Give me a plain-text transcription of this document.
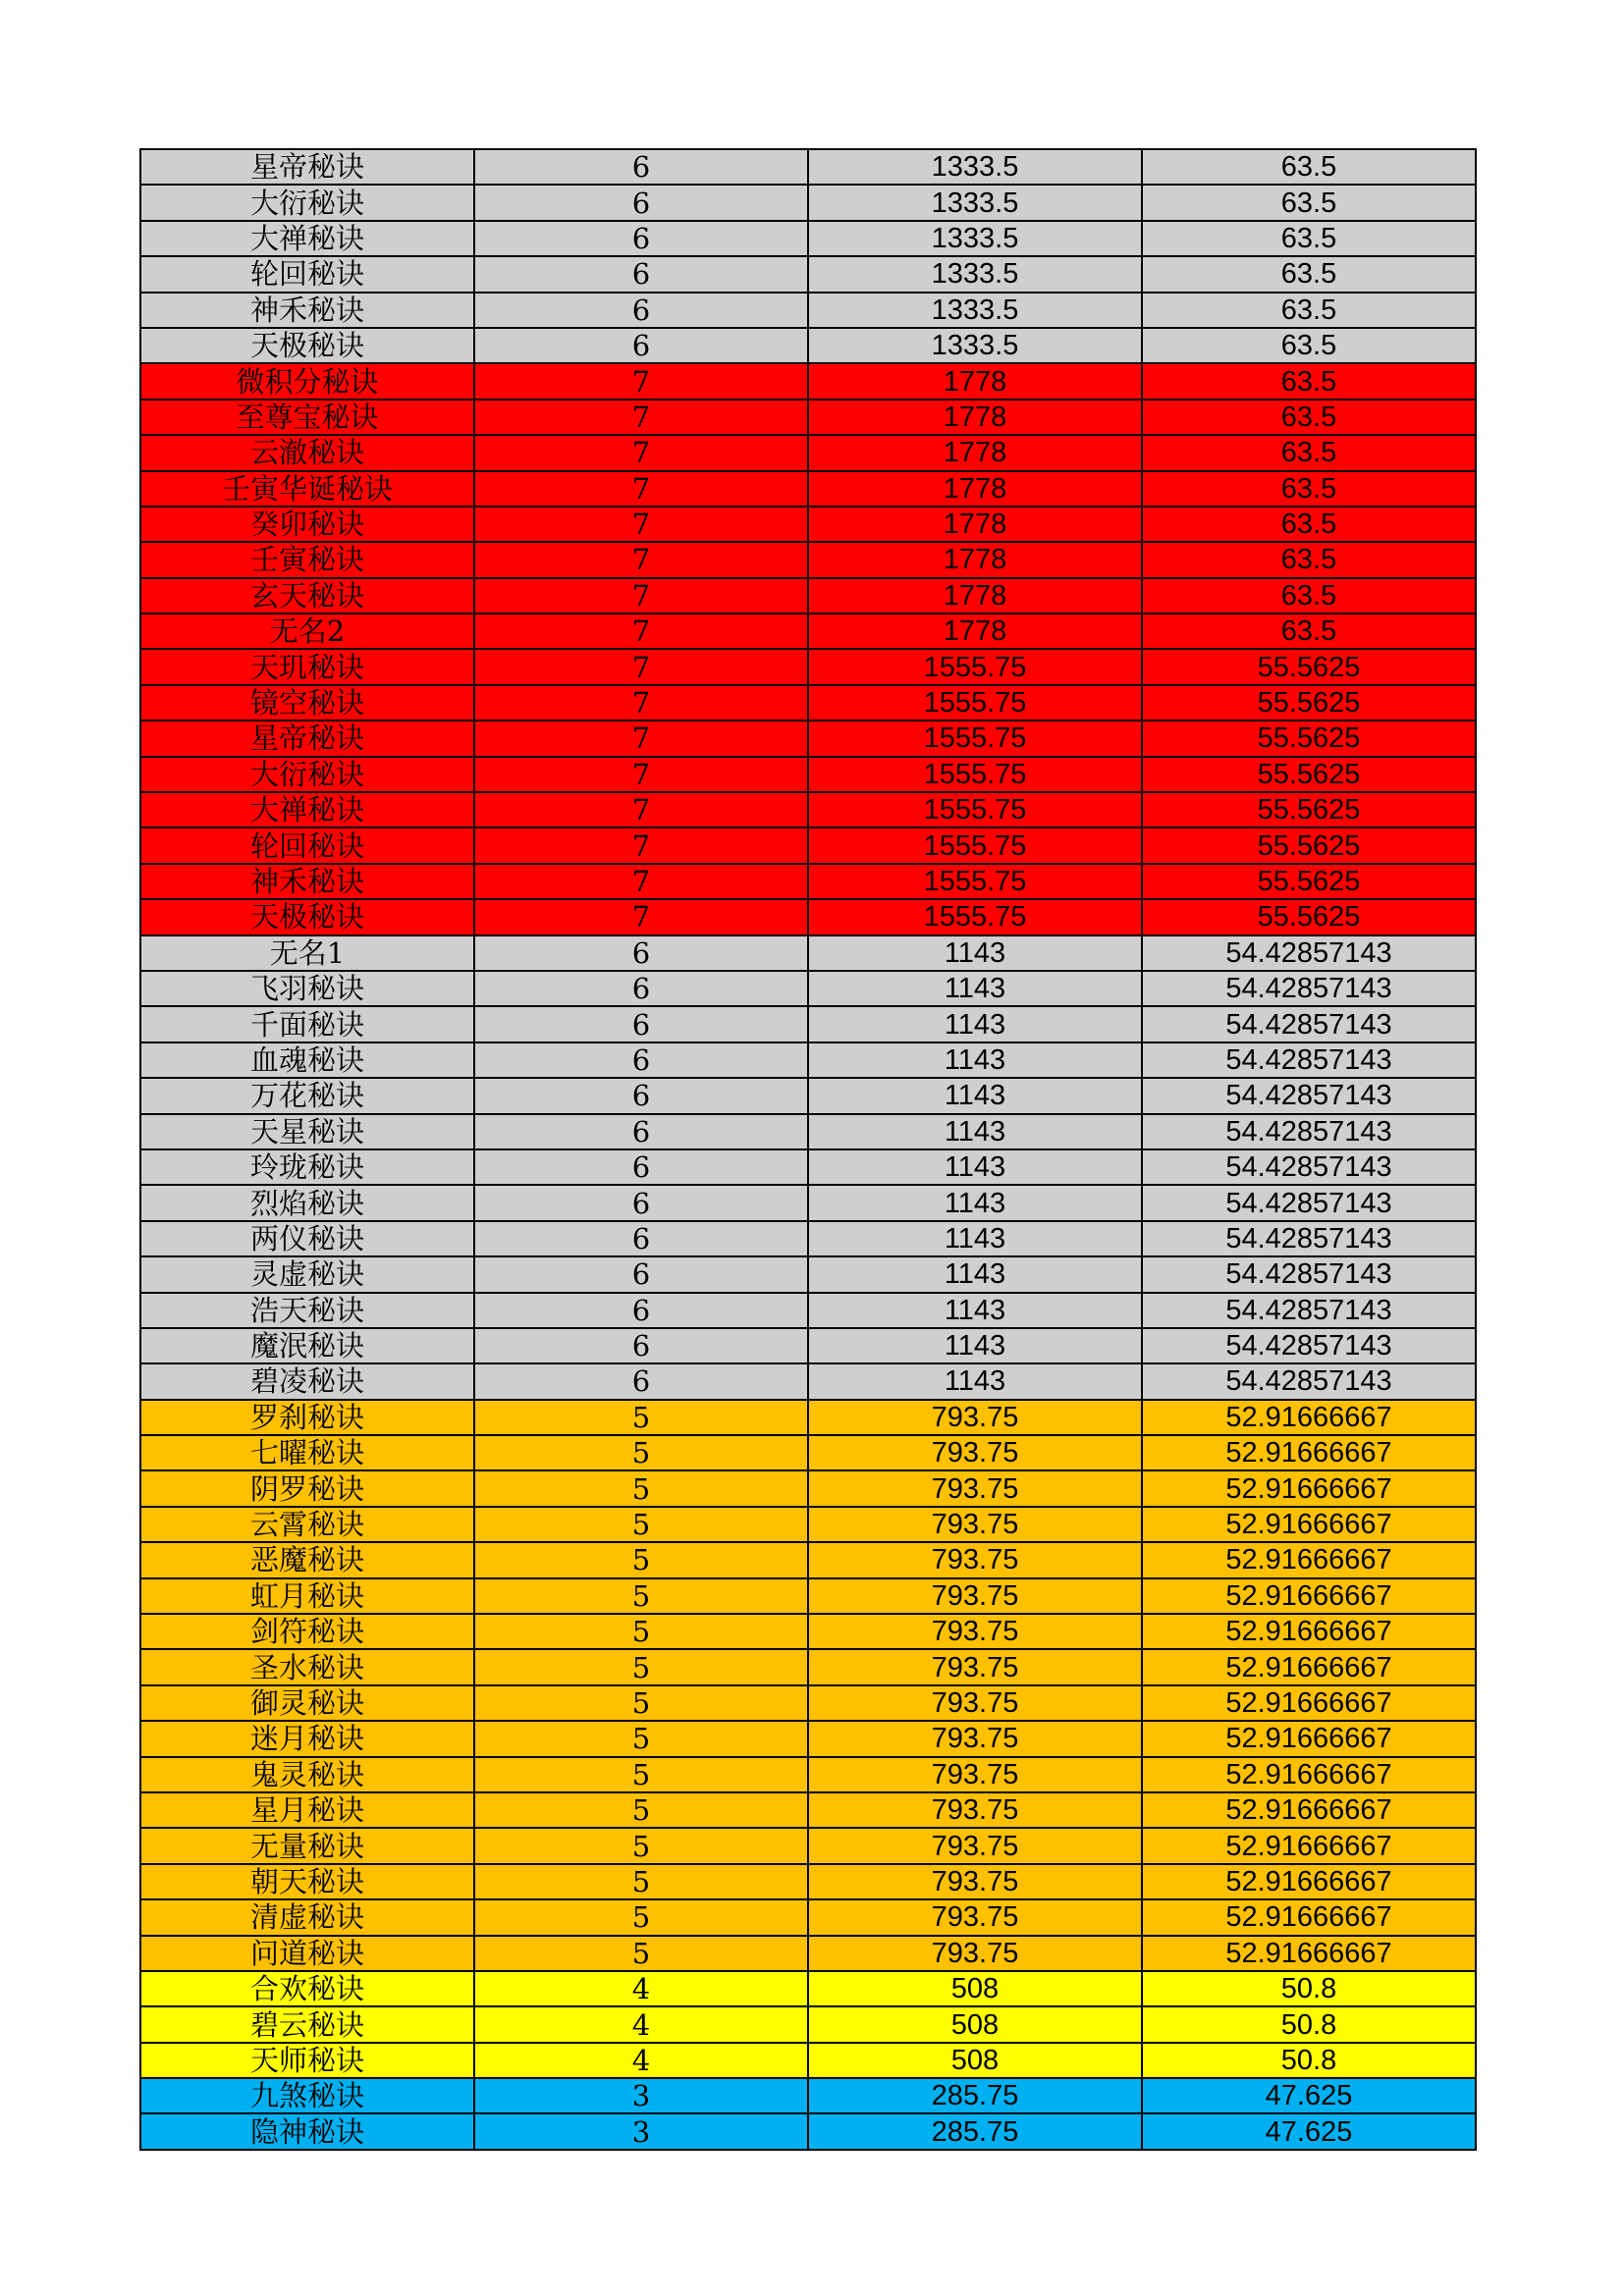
星帝秘诀	6	1333.5	63.5
大衍秘诀	6	1333.5	63.5
大禅秘诀	6	1333.5	63.5
轮回秘诀	6	1333.5	63.5
神禾秘诀	6	1333.5	63.5
天极秘诀	6	1333.5	63.5
微积分秘诀	7	1778	63.5
至尊宝秘诀	7	1778	63.5
云澈秘诀	7	1778	63.5
壬寅华诞秘诀	7	1778	63.5
癸卯秘诀	7	1778	63.5
壬寅秘诀	7	1778	63.5
玄天秘诀	7	1778	63.5
无名2	7	1778	63.5
天玑秘诀	7	1555.75	55.5625
镜空秘诀	7	1555.75	55.5625
星帝秘诀	7	1555.75	55.5625
大衍秘诀	7	1555.75	55.5625
大禅秘诀	7	1555.75	55.5625
轮回秘诀	7	1555.75	55.5625
神禾秘诀	7	1555.75	55.5625
天极秘诀	7	1555.75	55.5625
无名1	6	1143	54.42857143
飞羽秘诀	6	1143	54.42857143
千面秘诀	6	1143	54.42857143
血魂秘诀	6	1143	54.42857143
万花秘诀	6	1143	54.42857143
天星秘诀	6	1143	54.42857143
玲珑秘诀	6	1143	54.42857143
烈焰秘诀	6	1143	54.42857143
两仪秘诀	6	1143	54.42857143
灵虚秘诀	6	1143	54.42857143
浩天秘诀	6	1143	54.42857143
魔泯秘诀	6	1143	54.42857143
碧凌秘诀	6	1143	54.42857143
罗刹秘诀	5	793.75	52.91666667
七曜秘诀	5	793.75	52.91666667
阴罗秘诀	5	793.75	52.91666667
云霄秘诀	5	793.75	52.91666667
恶魔秘诀	5	793.75	52.91666667
虹月秘诀	5	793.75	52.91666667
剑符秘诀	5	793.75	52.91666667
圣水秘诀	5	793.75	52.91666667
御灵秘诀	5	793.75	52.91666667
迷月秘诀	5	793.75	52.91666667
鬼灵秘诀	5	793.75	52.91666667
星月秘诀	5	793.75	52.91666667
无量秘诀	5	793.75	52.91666667
朝天秘诀	5	793.75	52.91666667
清虚秘诀	5	793.75	52.91666667
问道秘诀	5	793.75	52.91666667
合欢秘诀	4	508	50.8
碧云秘诀	4	508	50.8
天师秘诀	4	508	50.8
九煞秘诀	3	285.75	47.625
隐神秘诀	3	285.75	47.625
